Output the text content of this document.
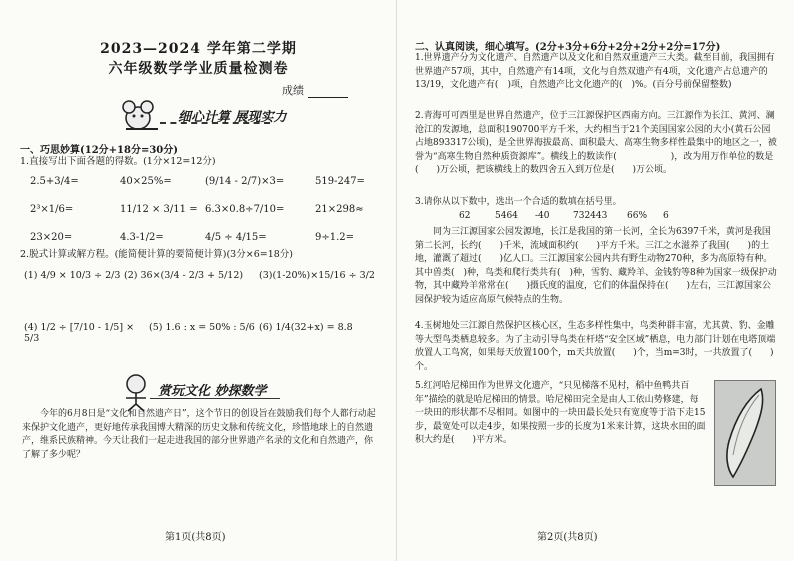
2023—2024 学年第二学期
六年级数学学业质量检测卷
成绩
细心计算 展现实力
一、巧思妙算(12分+18分=30分)
1.直接写出下面各题的得数。(1分×12=12分)
2.5+3/4=	40×25%=	(9/14 - 2/7)×3=	519-247=
2³×1/6=	11/12 × 3/11 = 6.3×0.8÷7/10=	21×298≈
23×20=	4.3-1/2=	4/5 ÷ 4/15=	9÷1.2=
2.脱式计算或解方程。(能简便计算的要简便计算)(3分×6=18分)
(1) 4/9 × 10/3 ÷ 2/3 (2) 36×(3/4 - 2/3 + 5/12)	(3)(1-20%)×15/16 ÷ 3/2
(4) 1/2 ÷ [7/10 - 1/5] × 5/3
(5) 1.6 : x = 50% : 5/6 (6) 1/4(32+x) = 8.8
赏玩文化 妙探数学
今年的6月8日是“文化和自然遗产日”，这个节日的创设旨在鼓励我们每个人都行动起来保护文化遗产，更好地传承我国博大精深的历史文脉和传统文化，珍惜地球上的自然遗产，维系民族精神。今天让我们一起走进我国的部分世界遗产名录的文化和自然遗产，你了解了多少呢？
第1页(共8页)
二、认真阅读，细心填写。(2分+3分+6分+2分+2分+2分=17分)
1.世界遗产分为文化遗产、自然遗产以及文化和自然双重遗产三大类。截至目前，我国拥有世界遗产57项，其中，自然遗产有14项，文化与自然双遗产有4项，文化遗产占总遗产的13/19，文化遗产有(　)项，自然遗产比文化遗产的(　)%。(百分号前保留整数)
2.青海可可西里是世界自然遗产，位于三江源保护区西南方向。三江源作为长江、黄河、澜沧江的发源地，总面积190700平方千米，大约相当于21个美国国家公园的大小(黄石公园占地893317公顷)，是全世界海拔最高、面积最大、高寒生物多样性最集中的地区之一，被誉为“高寒生物自然种质资源库”。横线上的数读作(　　　　　　)，改为用万作单位的数是(　　)万公顷，把该横线上的数四舍五入到万位是(　　)万公顷。
3.请你从以下数中，选出一个合适的数填在括号里。
62	5464	-40	732443	66%	6
同为三江源国家公园发源地，长江是我国的第一长河，全长为6397千米，黄河是我国第二长河，长约(　　)千米，流域面积约(　　)平方千米。三江之水滋养了我国(　　)的土地，灌溉了超过(　　)亿人口。三江源国家公园内共有野生动物270种，多为高原特有种。其中兽类(　)种，鸟类和爬行类共有(　)种，雪豹、藏羚羊、金钱豹等8种为国家一级保护动物，其中藏羚羊常常在(　　)摄氏度的温度，它们的体温保持在(　　)左右，三江源国家公园保护较为适应高原气候特点的生物。
4.玉树地处三江源自然保护区核心区，生态多样性集中，鸟类种群丰富，尤其黄、豹、金雕等大型鸟类栖息较多。为了主动引导鸟类在杆塔“安全区域”栖息，电力部门计划在电塔顶端放置人工鸟窝，如果每天放置100个，m天共放置(　　)个，当m=3时，一共放置了(　　)个。
5.红河哈尼梯田作为世界文化遗产，“只见梯落不见村，稻中鱼鸭共百年”描绘的就是哈尼梯田的情景。哈尼梯田完全是由人工依山势修建，每一块田的形状都不尽相同。如图中的一块田最长处只有宽度等于沿下走15步，最宽处可以走4步，如果按照一步的长度为1米来计算，这块水田的面积大约是(　　)平方米。
第2页(共8页)
